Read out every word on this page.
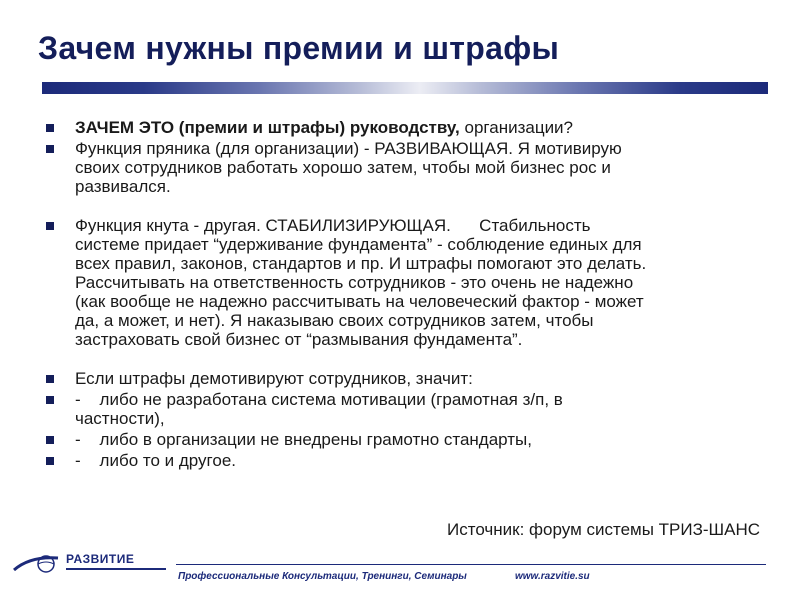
Зачем нужны премии и штрафы
ЗАЧЕМ ЭТО (премии и штрафы) руководству, организации?
Функция пряника (для организации) - РАЗВИВАЮЩАЯ. Я мотивирую
своих сотрудников работать хорошо затем, чтобы мой бизнес рос и
развивался.
Функция кнута - другая. СТАБИЛИЗИРУЮЩАЯ.      Стабильность
системе придает “удерживание фундамента” - соблюдение единых для
всех правил, законов, стандартов и пр. И штрафы помогают это делать.
Рассчитывать на ответственность сотрудников - это очень не надежно
(как вообще не надежно рассчитывать на человеческий фактор - может
да, а может, и нет). Я наказываю своих сотрудников затем, чтобы
застраховать свой бизнес от “размывания фундамента”.
Если штрафы демотивируют сотрудников, значит:
-    либо не разработана система мотивации (грамотная з/п, в
частности),
-    либо в организации не внедрены грамотно стандарты,
-    либо то и другое.
Источник: форум системы ТРИЗ-ШАНС
РАЗВИТИЕ
Профессиональные Консультации, Тренинги, Семинары	www.razvitie.su
